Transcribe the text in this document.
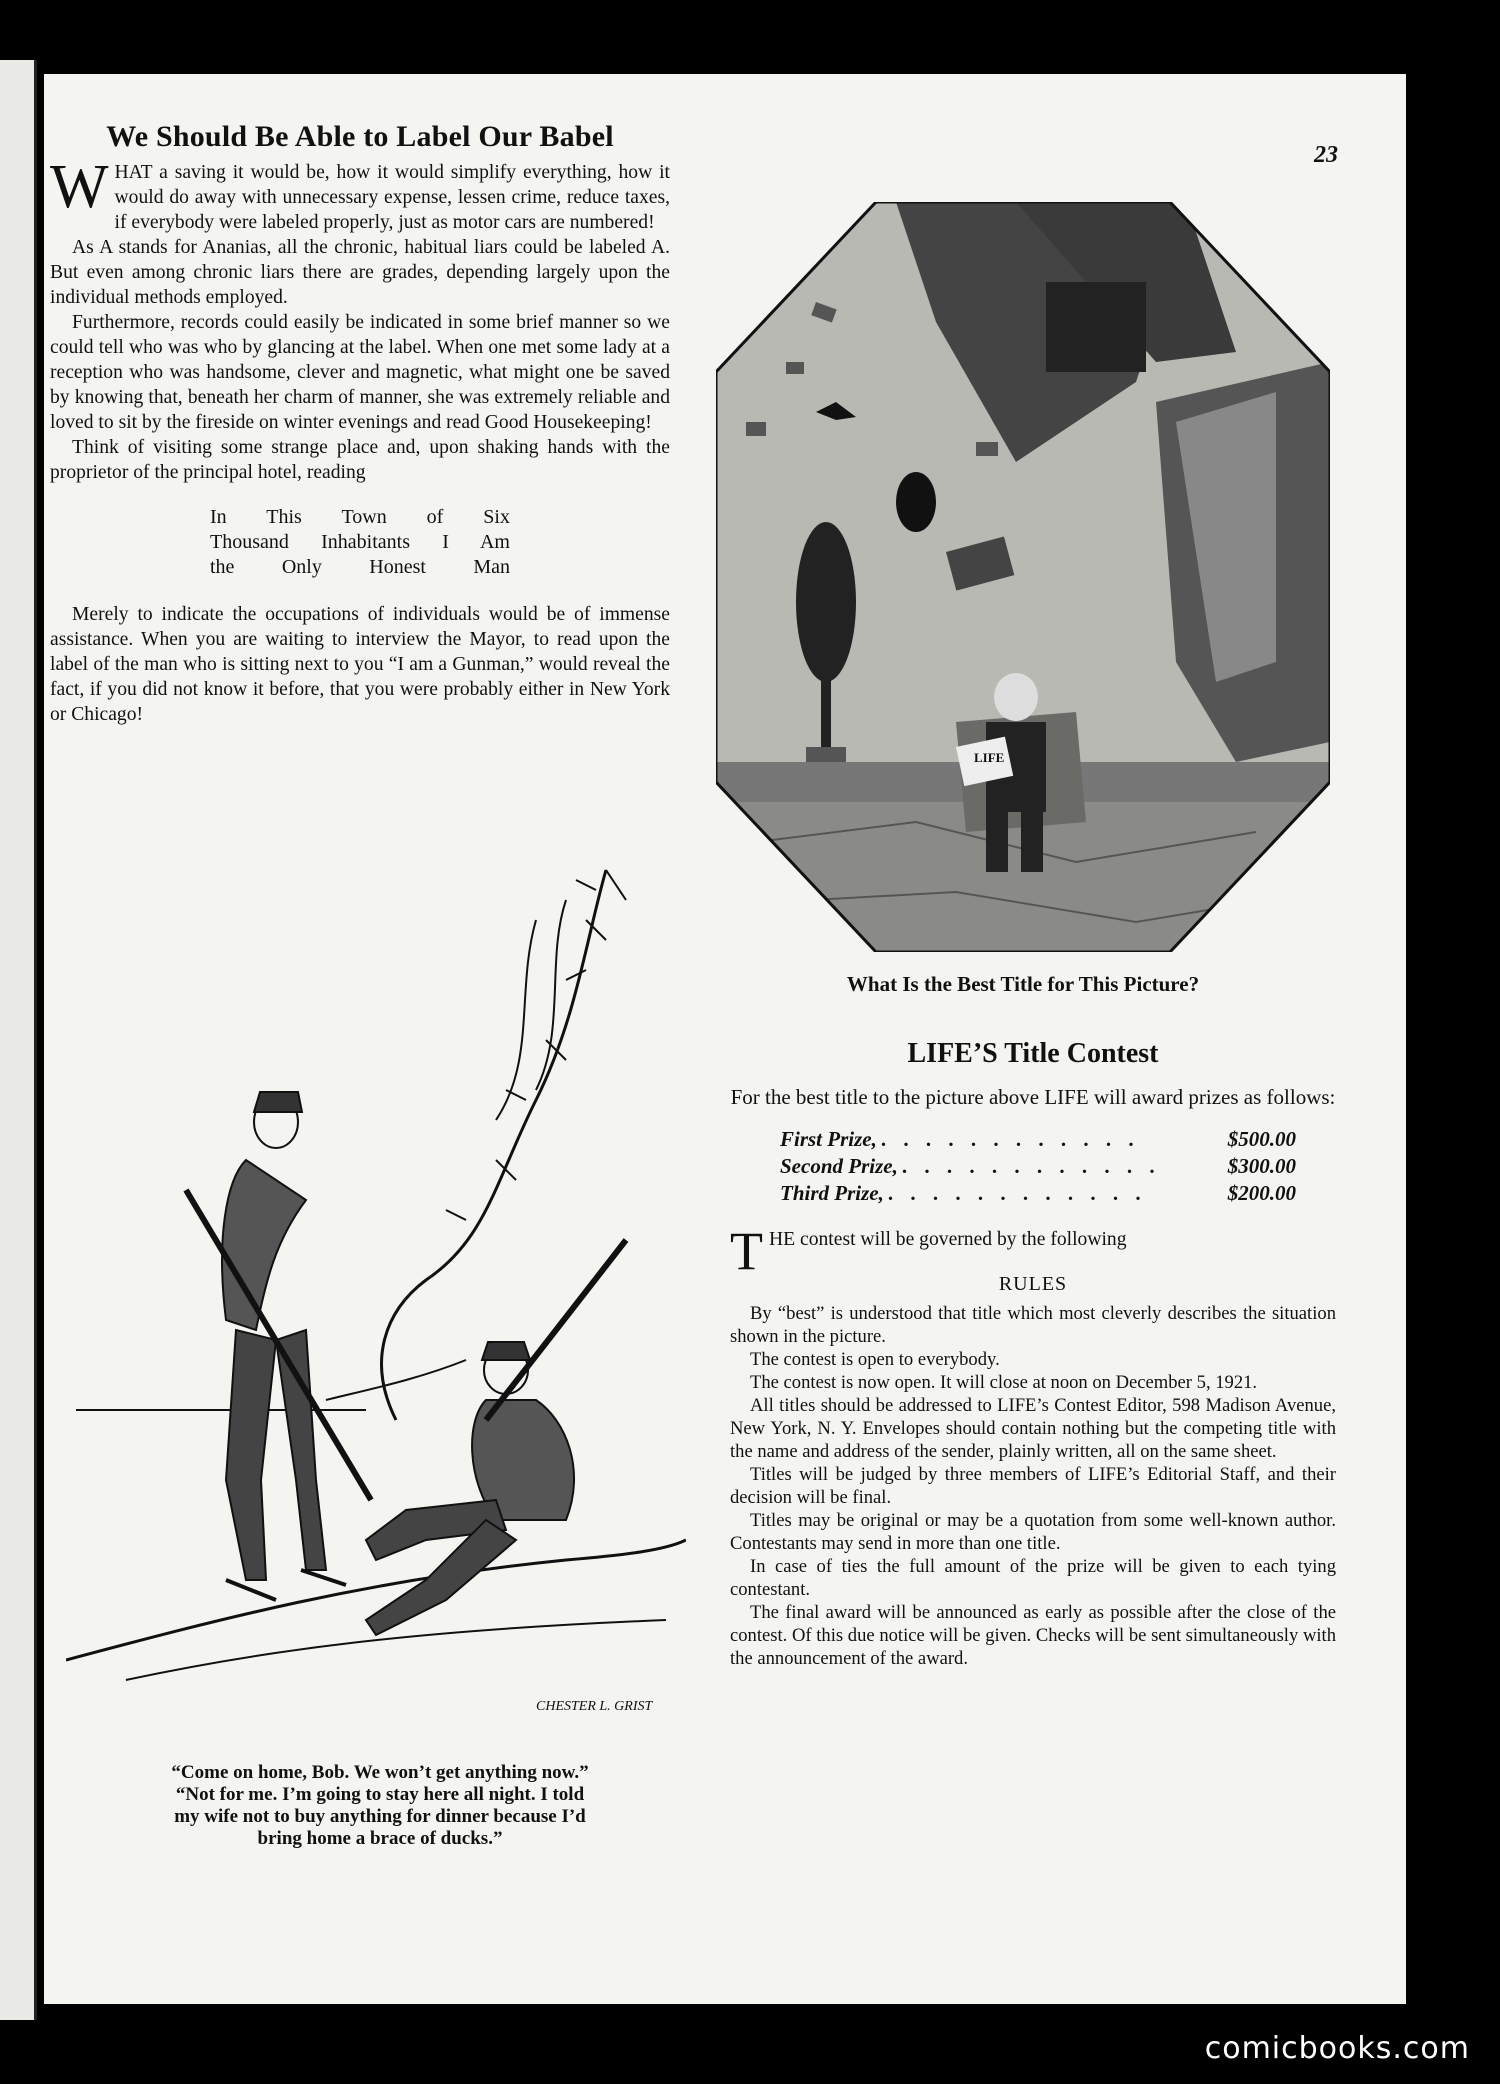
23
We Should Be Able to Label Our Babel

WHAT a saving it would be, how it would simplify everything, how it would do away with unnecessary expense, lessen crime, reduce taxes, if everybody were labeled properly, just as motor cars are numbered!

As A stands for Ananias, all the chronic, habitual liars could be labeled A. But even among chronic liars there are grades, depending largely upon the individual methods employed.

Furthermore, records could easily be indicated in some brief manner so we could tell who was who by glancing at the label. When one met some lady at a reception who was handsome, clever and magnetic, what might one be saved by knowing that, beneath her charm of manner, she was extremely reliable and loved to sit by the fireside on winter evenings and read Good Housekeeping!

Think of visiting some strange place and, upon shaking hands with the proprietor of the principal hotel, reading

In This Town of Six
Thousand Inhabitants I Am
the Only Honest Man

Merely to indicate the occupations of individuals would be of immense assistance. When you are waiting to interview the Mayor, to read upon the label of the man who is sitting next to you “I am a Gunman,” would reveal the fact, if you did not know it before, that you were probably either in New York or Chicago!

CHESTER L. GRIST
“Come on home, Bob. We won’t get anything now.”
“Not for me. I’m going to stay here all night. I told
my wife not to buy anything for dinner because I’d
bring home a brace of ducks.”
LIFE
What Is the Best Title for This Picture?
LIFE’S Title Contest

For the best title to the picture above LIFE will award prizes as follows:

First Prize, . . . . . . . . . . . .	$500.00
Second Prize, . . . . . . . . . . . .	$300.00
Third Prize, . . . . . . . . . . . .	$200.00

THE contest will be governed by the following

RULES

By “best” is understood that title which most cleverly describes the situation shown in the picture.

The contest is open to everybody.

The contest is now open. It will close at noon on December 5, 1921.

All titles should be addressed to LIFE’s Contest Editor, 598 Madison Avenue, New York, N. Y. Envelopes should contain nothing but the competing title with the name and address of the sender, plainly written, all on the same sheet.

Titles will be judged by three members of LIFE’s Editorial Staff, and their decision will be final.

Titles may be original or may be a quotation from some well-known author. Contestants may send in more than one title.

In case of ties the full amount of the prize will be given to each tying contestant.

The final award will be announced as early as possible after the close of the contest. Of this due notice will be given. Checks will be sent simultaneously with the announcement of the award.

comicbooks.com
